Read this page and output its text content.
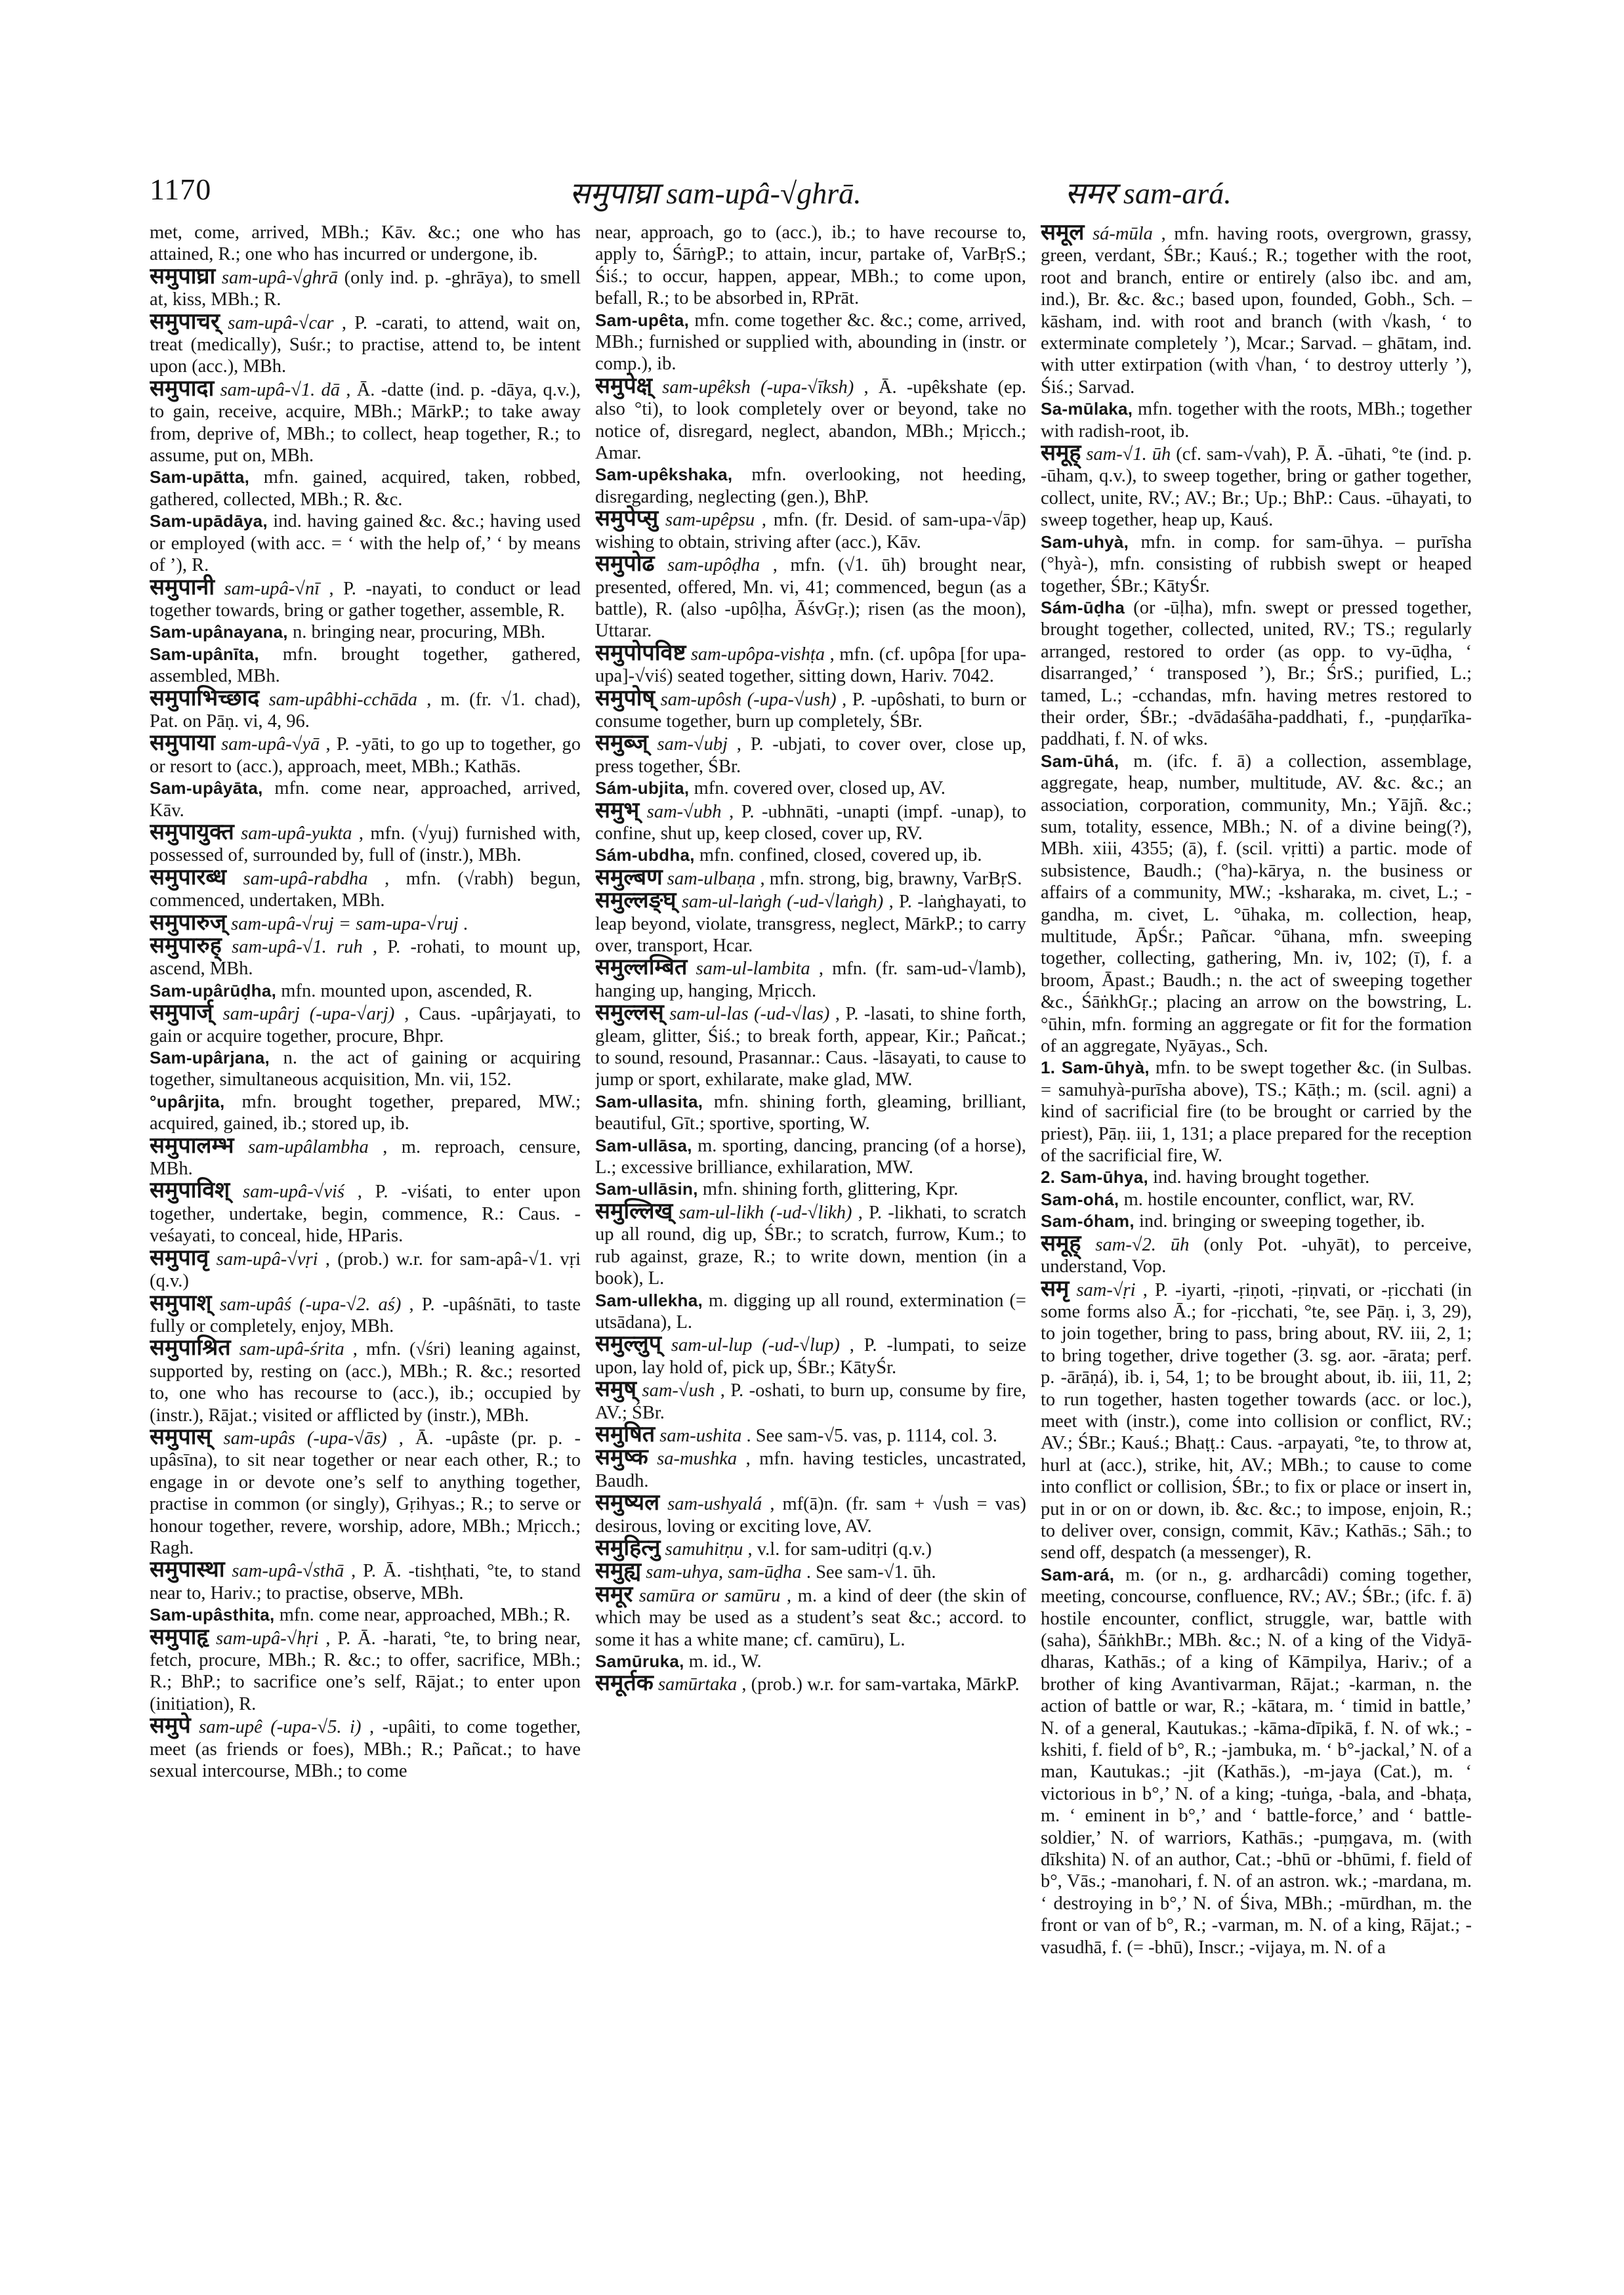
1170	समुपाघ्रा sam-upâ-√ghrā.	समर sam-ará.

met, come, arrived, MBh.; Kāv. &c.; one who has attained, R.; one who has incurred or undergone, ib.

समुपाघ्रा sam-upâ-√ghrā (only ind. p. -ghrāya), to smell at, kiss, MBh.; R.

समुपाचर् sam-upâ-√car , P. -carati, to attend, wait on, treat (medically), Suśr.; to practise, attend to, be intent upon (acc.), MBh.

समुपादा sam-upâ-√1. dā , Ā. -datte (ind. p. -dāya, q.v.), to gain, receive, acquire, MBh.; MārkP.; to take away from, deprive of, MBh.; to collect, heap together, R.; to assume, put on, MBh.

Sam-upātta, mfn. gained, acquired, taken, robbed, gathered, collected, MBh.; R. &c.

Sam-upādāya, ind. having gained &c. &c.; having used or employed (with acc. = ‘ with the help of,’ ‘ by means of ’), R.

समुपानी sam-upâ-√nī , P. -nayati, to conduct or lead together towards, bring or gather together, assemble, R.

Sam-upânayana, n. bringing near, procuring, MBh.

Sam-upânīta, mfn. brought together, gathered, assembled, MBh.

समुपाभिच्छाद sam-upâbhi-cchāda , m. (fr. √1. chad), Pat. on Pāṇ. vi, 4, 96.

समुपाया sam-upâ-√yā , P. -yāti, to go up to together, go or resort to (acc.), approach, meet, MBh.; Kathās.

Sam-upâyāta, mfn. come near, approached, arrived, Kāv.

समुपायुक्त sam-upâ-yukta , mfn. (√yuj) furnished with, possessed of, surrounded by, full of (instr.), MBh.

समुपारब्ध sam-upâ-rabdha , mfn. (√rabh) begun, commenced, undertaken, MBh.

समुपारुज् sam-upâ-√ruj = sam-upa-√ruj .

समुपारुह् sam-upâ-√1. ruh , P. -rohati, to mount up, ascend, MBh.

Sam-upârūḍha, mfn. mounted upon, ascended, R.

समुपार्ज् sam-upârj (-upa-√arj) , Caus. -upârjayati, to gain or acquire together, procure, Bhpr.

Sam-upârjana, n. the act of gaining or acquiring together, simultaneous acquisition, Mn. vii, 152.

°upârjita, mfn. brought together, prepared, MW.; acquired, gained, ib.; stored up, ib.

समुपालम्भ sam-upâlambha , m. reproach, censure, MBh.

समुपाविश् sam-upâ-√viś , P. -viśati, to enter upon together, undertake, begin, commence, R.: Caus. -veśayati, to conceal, hide, HParis.

समुपावृ sam-upâ-√vṛi , (prob.) w.r. for sam-apâ-√1. vṛi (q.v.)

समुपाश् sam-upâś (-upa-√2. aś) , P. -upâśnāti, to taste fully or completely, enjoy, MBh.

समुपाश्रित sam-upâ-śrita , mfn. (√śri) leaning against, supported by, resting on (acc.), MBh.; R. &c.; resorted to, one who has recourse to (acc.), ib.; occupied by (instr.), Rājat.; visited or afflicted by (instr.), MBh.

समुपास् sam-upâs (-upa-√ās) , Ā. -upâste (pr. p. -upâsīna), to sit near together or near each other, R.; to engage in or devote one’s self to anything together, practise in common (or singly), Gṛihyas.; R.; to serve or honour together, revere, worship, adore, MBh.; Mṛicch.; Ragh.

समुपास्था sam-upâ-√sthā , P. Ā. -tishṭhati, °te, to stand near to, Hariv.; to practise, observe, MBh.

Sam-upâsthita, mfn. come near, approached, MBh.; R.

समुपाहृ sam-upâ-√hṛi , P. Ā. -harati, °te, to bring near, fetch, procure, MBh.; R. &c.; to offer, sacrifice, MBh.; R.; BhP.; to sacrifice one’s self, Rājat.; to enter upon (initiation), R.

समुपे sam-upê (-upa-√5. i) , -upâiti, to come together, meet (as friends or foes), MBh.; R.; Pañcat.; to have sexual intercourse, MBh.; to come

near, approach, go to (acc.), ib.; to have recourse to, apply to, ŚārṅgP.; to attain, incur, partake of, VarBṛS.; Śiś.; to occur, happen, appear, MBh.; to come upon, befall, R.; to be absorbed in, RPrāt.

Sam-upêta, mfn. come together &c. &c.; come, arrived, MBh.; furnished or supplied with, abounding in (instr. or comp.), ib.

समुपेक्ष् sam-upêksh (-upa-√īksh) , Ā. -upêkshate (ep. also °ti), to look completely over or beyond, take no notice of, disregard, neglect, abandon, MBh.; Mṛicch.; Amar.

Sam-upêkshaka, mfn. overlooking, not heeding, disregarding, neglecting (gen.), BhP.

समुपेप्सु sam-upêpsu , mfn. (fr. Desid. of sam-upa-√āp) wishing to obtain, striving after (acc.), Kāv.

समुपोढ sam-upôḍha , mfn. (√1. ūh) brought near, presented, offered, Mn. vi, 41; commenced, begun (as a battle), R. (also -upôḷha, ĀśvGṛ.); risen (as the moon), Uttarar.

समुपोपविष्ट sam-upôpa-vishṭa , mfn. (cf. upôpa [for upa-upa]-√viś) seated together, sitting down, Hariv. 7042.

समुपोष् sam-upôsh (-upa-√ush) , P. -upôshati, to burn or consume together, burn up completely, ŚBr.

समुब्ज् sam-√ubj , P. -ubjati, to cover over, close up, press together, ŚBr.

Sám-ubjita, mfn. covered over, closed up, AV.

समुभ् sam-√ubh , P. -ubhnāti, -unapti (impf. -unap), to confine, shut up, keep closed, cover up, RV.

Sám-ubdha, mfn. confined, closed, covered up, ib.

समुल्बण sam-ulbaṇa , mfn. strong, big, brawny, VarBṛS.

समुल्लङ्घ् sam-ul-laṅgh (-ud-√laṅgh) , P. -laṅghayati, to leap beyond, violate, transgress, neglect, MārkP.; to carry over, transport, Hcar.

समुल्लम्बित sam-ul-lambita , mfn. (fr. sam-ud-√lamb), hanging up, hanging, Mṛicch.

समुल्लस् sam-ul-las (-ud-√las) , P. -lasati, to shine forth, gleam, glitter, Śiś.; to break forth, appear, Kir.; Pañcat.; to sound, resound, Prasannar.: Caus. -lāsayati, to cause to jump or sport, exhilarate, make glad, MW.

Sam-ullasita, mfn. shining forth, gleaming, brilliant, beautiful, Gīt.; sportive, sporting, W.

Sam-ullāsa, m. sporting, dancing, prancing (of a horse), L.; excessive brilliance, exhilaration, MW.

Sam-ullāsin, mfn. shining forth, glittering, Kpr.

समुल्लिख् sam-ul-likh (-ud-√likh) , P. -likhati, to scratch up all round, dig up, ŚBr.; to scratch, furrow, Kum.; to rub against, graze, R.; to write down, mention (in a book), L.

Sam-ullekha, m. digging up all round, extermination (= utsādana), L.

समुल्लुप् sam-ul-lup (-ud-√lup) , P. -lumpati, to seize upon, lay hold of, pick up, ŚBr.; KātyŚr.

समुष् sam-√ush , P. -oshati, to burn up, consume by fire, AV.; ŚBr.

समुषित sam-ushita . See sam-√5. vas, p. 1114, col. 3.

समुष्क sa-mushka , mfn. having testicles, uncastrated, Baudh.

समुष्यल sam-ushyalá , mf(ā)n. (fr. sam + √ush = vas) desirous, loving or exciting love, AV.

समुहित्नु samuhitṇu , v.l. for sam-uditṛi (q.v.)

समुह्य sam-uhya, sam-ūḍha . See sam-√1. ūh.

समूर samūra or samūru , m. a kind of deer (the skin of which may be used as a student’s seat &c.; accord. to some it has a white mane; cf. camūru), L.

Samūruka, m. id., W.

समूर्तक samūrtaka , (prob.) w.r. for sam-vartaka, MārkP.

समूल sá-mūla , mfn. having roots, overgrown, grassy, green, verdant, ŚBr.; Kauś.; R.; together with the root, root and branch, entire or entirely (also ibc. and am, ind.), Br. &c. &c.; based upon, founded, Gobh., Sch. – kāsham, ind. with root and branch (with √kash, ‘ to exterminate completely ’), Mcar.; Sarvad. – ghātam, ind. with utter extirpation (with √han, ‘ to destroy utterly ’), Śiś.; Sarvad.

Sa-mūlaka, mfn. together with the roots, MBh.; together with radish-root, ib.

समूह् sam-√1. ūh (cf. sam-√vah), P. Ā. -ūhati, °te (ind. p. -ūham, q.v.), to sweep together, bring or gather together, collect, unite, RV.; AV.; Br.; Up.; BhP.: Caus. -ūhayati, to sweep together, heap up, Kauś.

Sam-uhyà, mfn. in comp. for sam-ūhya. – purīsha (°hyà-), mfn. consisting of rubbish swept or heaped together, ŚBr.; KātyŚr.

Sám-ūḍha (or -ūḷha), mfn. swept or pressed together, brought together, collected, united, RV.; TS.; regularly arranged, restored to order (as opp. to vy-ūḍha, ‘ disarranged,’ ‘ transposed ’), Br.; ŚrS.; purified, L.; tamed, L.; -cchandas, mfn. having metres restored to their order, ŚBr.; -dvādaśāha-paddhati, f., -puṇḍarīka-paddhati, f. N. of wks.

Sam-ūhá, m. (ifc. f. ā) a collection, assemblage, aggregate, heap, number, multitude, AV. &c. &c.; an association, corporation, community, Mn.; Yājñ. &c.; sum, totality, essence, MBh.; N. of a divine being(?), MBh. xiii, 4355; (ā), f. (scil. vṛitti) a partic. mode of subsistence, Baudh.; (°ha)-kārya, n. the business or affairs of a community, MW.; -ksharaka, m. civet, L.; -gandha, m. civet, L. °ūhaka, m. collection, heap, multitude, ĀpŚr.; Pañcar. °ūhana, mfn. sweeping together, collecting, gathering, Mn. iv, 102; (ī), f. a broom, Āpast.; Baudh.; n. the act of sweeping together &c., ŚāṅkhGṛ.; placing an arrow on the bowstring, L. °ūhin, mfn. forming an aggregate or fit for the formation of an aggregate, Nyāyas., Sch.

1. Sam-ūhyà, mfn. to be swept together &c. (in Sulbas. = samuhyà-purīsha above), TS.; Kāṭh.; m. (scil. agni) a kind of sacrificial fire (to be brought or carried by the priest), Pāṇ. iii, 1, 131; a place prepared for the reception of the sacrificial fire, W.

2. Sam-ūhya, ind. having brought together.

Sam-ohá, m. hostile encounter, conflict, war, RV.

Sam-óham, ind. bringing or sweeping together, ib.

समूह् sam-√2. ūh (only Pot. -uhyāt), to perceive, understand, Vop.

समृ sam-√ṛi , P. -iyarti, -ṛiṇoti, -ṛiṇvati, or -ṛicchati (in some forms also Ā.; for -ṛicchati, °te, see Pāṇ. i, 3, 29), to join together, bring to pass, bring about, RV. iii, 2, 1; to bring together, drive together (3. sg. aor. -ārata; perf. p. -ārāṇá), ib. i, 54, 1; to be brought about, ib. iii, 11, 2; to run together, hasten together towards (acc. or loc.), meet with (instr.), come into collision or conflict, RV.; AV.; ŚBr.; Kauś.; Bhaṭṭ.: Caus. -arpayati, °te, to throw at, hurl at (acc.), strike, hit, AV.; MBh.; to cause to come into conflict or collision, ŚBr.; to fix or place or insert in, put in or on or down, ib. &c. &c.; to impose, enjoin, R.; to deliver over, consign, commit, Kāv.; Kathās.; Sāh.; to send off, despatch (a messenger), R.

Sam-ará, m. (or n., g. ardharcâdi) coming together, meeting, concourse, confluence, RV.; AV.; ŚBr.; (ifc. f. ā) hostile encounter, conflict, struggle, war, battle with (saha), ŚāṅkhBr.; MBh. &c.; N. of a king of the Vidyā-dharas, Kathās.; of a king of Kāmpilya, Hariv.; of a brother of king Avantivarman, Rājat.; -karman, n. the action of battle or war, R.; -kātara, m. ‘ timid in battle,’ N. of a general, Kautukas.; -kāma-dīpikā, f. N. of wk.; -kshiti, f. field of b°, R.; -jambuka, m. ‘ b°-jackal,’ N. of a man, Kautukas.; -jit (Kathās.), -m-jaya (Cat.), m. ‘ victorious in b°,’ N. of a king; -tuṅga, -bala, and -bhaṭa, m. ‘ eminent in b°,’ and ‘ battle-force,’ and ‘ battle-soldier,’ N. of warriors, Kathās.; -puṃgava, m. (with dīkshita) N. of an author, Cat.; -bhū or -bhūmi, f. field of b°, Vās.; -manohari, f. N. of an astron. wk.; -mardana, m. ‘ destroying in b°,’ N. of Śiva, MBh.; -mūrdhan, m. the front or van of b°, R.; -varman, m. N. of a king, Rājat.; -vasudhā, f. (= -bhū), Inscr.; -vijaya, m. N. of a
